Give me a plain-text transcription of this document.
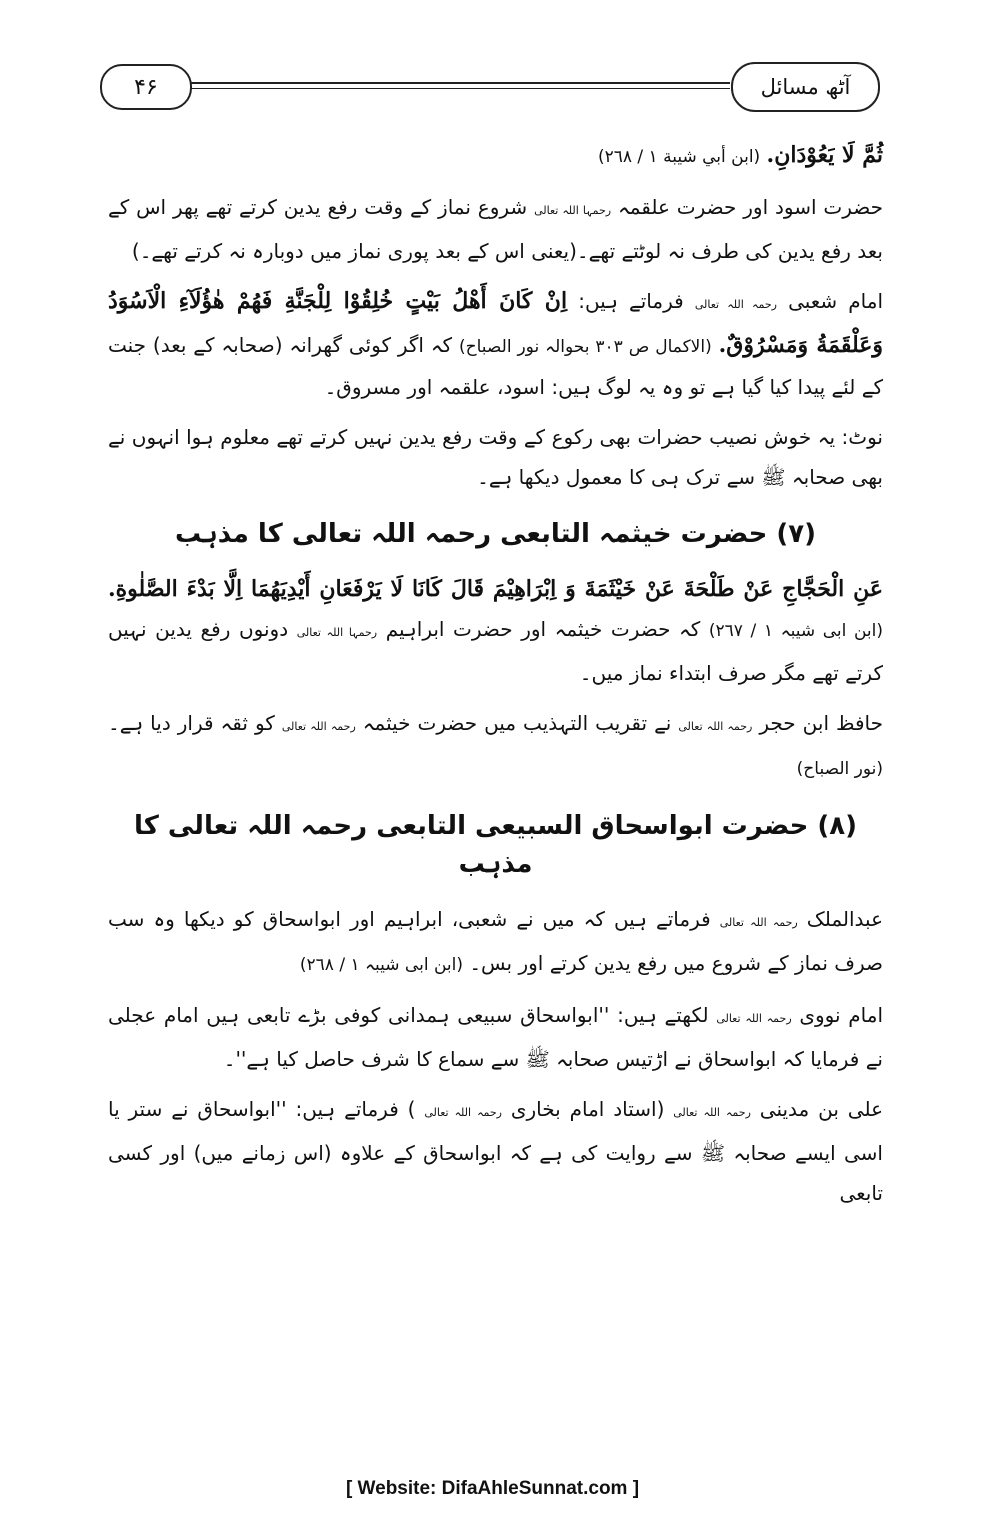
۴۶	آٹھ مسائل

ثُمَّ لَا يَعُوْدَانِ. (ابن أبي شيبة ١ / ٢٦٨)

حضرت اسود اور حضرت علقمہ رحمہا اللہ تعالی شروع نماز کے وقت رفع یدین کرتے تھے پھر اس کے بعد رفع یدین کی طرف نہ لوٹتے تھے۔(یعنی اس کے بعد پوری نماز میں دوبارہ نہ کرتے تھے۔)

امام شعبی رحمہ اللہ تعالی فرماتے ہیں: اِنْ كَانَ أَهْلُ بَيْتٍ خُلِقُوْا لِلْجَنَّةِ فَهُمْ هٰؤُلَآءِ الْاَسُوَدُ وَعَلْقَمَةُ وَمَسْرُوْقٌ. (الاکمال ص ۳۰۳ بحوالہ نور الصباح) کہ اگر کوئی گھرانہ (صحابہ کے بعد) جنت کے لئے پیدا کیا گیا ہے تو وہ یہ لوگ ہیں: اسود، علقمہ اور مسروق۔

نوٹ: یہ خوش نصیب حضرات بھی رکوع کے وقت رفع یدین نہیں کرتے تھے معلوم ہوا انہوں نے بھی صحابہ ﷺ سے ترک ہی کا معمول دیکھا ہے۔

(۷) حضرت خیثمہ التابعی رحمہ اللہ تعالی کا مذہب

عَنِ الْحَجَّاجِ عَنْ طَلْحَةَ عَنْ خَيْثَمَةَ وَ اِبْرَاهِيْمَ قَالَ كَانَا لَا يَرْفَعَانِ أَيْدِيَهُمَا اِلَّا بَدْءَ الصَّلٰوةِ. (ابن ابی شیبہ ١ / ٢٦٧) کہ حضرت خیثمہ اور حضرت ابراہیم رحمہا اللہ تعالی دونوں رفع یدین نہیں کرتے تھے مگر صرف ابتداء نماز میں۔

حافظ ابن حجر رحمہ اللہ تعالی نے تقریب التہذیب میں حضرت خیثمہ رحمہ اللہ تعالی کو ثقہ قرار دیا ہے۔ (نور الصباح)

(۸) حضرت ابواسحاق السبیعی التابعی رحمہ اللہ تعالی کا مذہب

عبدالملک رحمہ اللہ تعالی فرماتے ہیں کہ میں نے شعبی، ابراہیم اور ابواسحاق کو دیکھا وہ سب صرف نماز کے شروع میں رفع یدین کرتے اور بس۔ (ابن ابی شیبہ ١ / ٢٦٨)

امام نووی رحمہ اللہ تعالی لکھتے ہیں: ''ابواسحاق سبیعی ہمدانی کوفی بڑے تابعی ہیں امام عجلی نے فرمایا کہ ابواسحاق نے اڑتیس صحابہ ﷺ سے سماع کا شرف حاصل کیا ہے''۔

علی بن مدینی رحمہ اللہ تعالی (استاد امام بخاری رحمہ اللہ تعالی ) فرماتے ہیں: ''ابواسحاق نے ستر یا اسی ایسے صحابہ ﷺ سے روایت کی ہے کہ ابواسحاق کے علاوہ (اس زمانے میں) اور کسی تابعی

[ Website: DifaAhleSunnat.com ]
